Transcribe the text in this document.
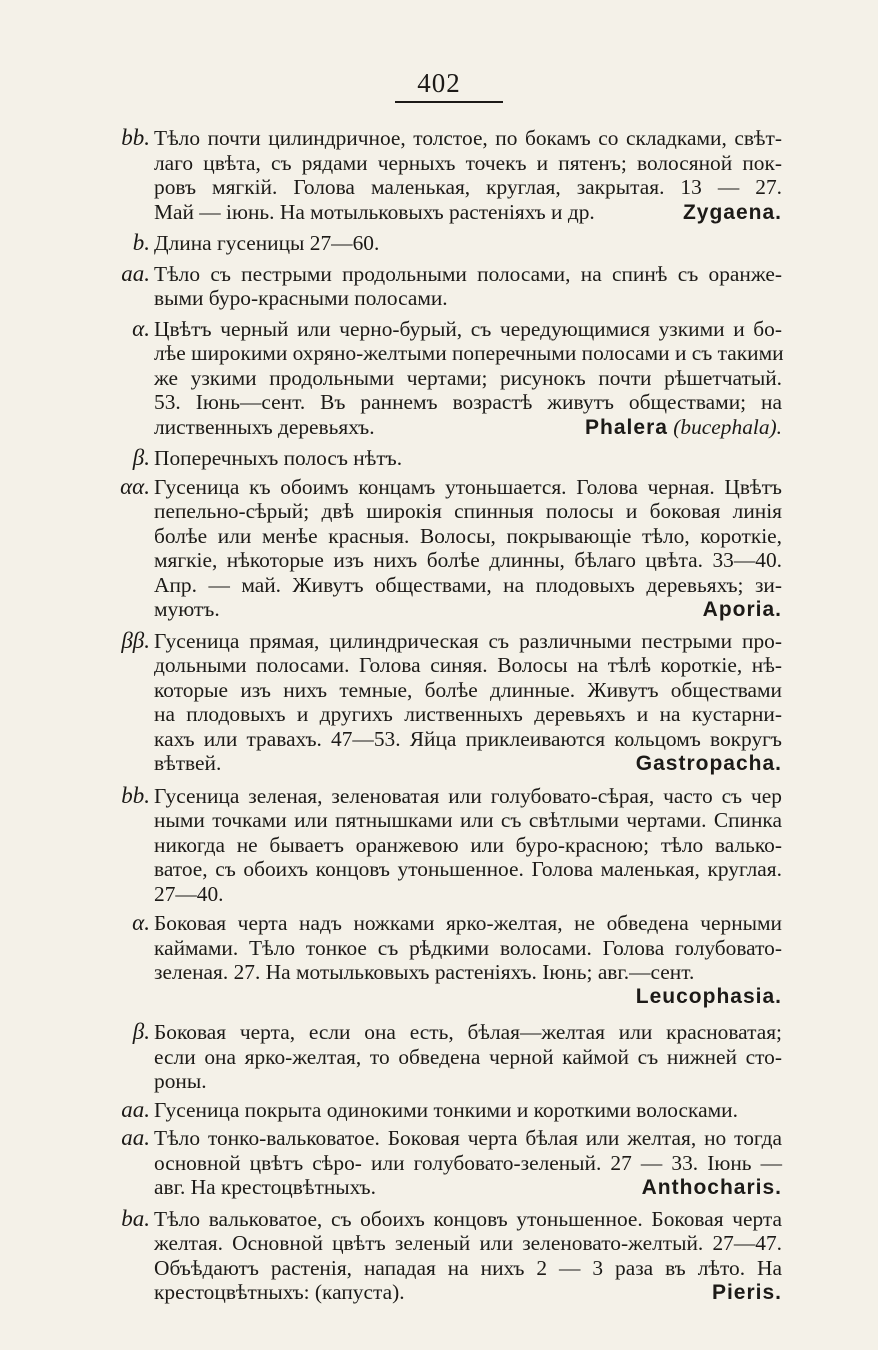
402
bb. Тѣло почти цилиндричное, толстое, по бокамъ со складками, свѣт-
лаго цвѣта, съ рядами черныхъ точекъ и пятенъ; волосяной пок-
ровъ мягкій. Голова маленькая, круглая, закрытая. 13 — 27.
Май — іюнь. На мотыльковыхъ растеніяхъ и др.	Zygaena.
b. Длина гусеницы 27—60.
aa. Тѣло съ пестрыми продольными полосами, на спинѣ съ оранже-
выми буро-красными полосами.
α. Цвѣтъ черный или черно-бурый, съ чередующимися узкими и бо-
лѣе широкими охряно-желтыми поперечными полосами и съ такими
же узкими продольными чертами; рисунокъ почти рѣшетчатый.
53. Іюнь—сент. Въ раннемъ возрастѣ живутъ обществами; на
лиственныхъ деревьяхъ.	Phalera (bucephala).
β. Поперечныхъ полосъ нѣтъ.
αα. Гусеница къ обоимъ концамъ утоньшается. Голова черная. Цвѣтъ
пепельно-сѣрый; двѣ широкія спинныя полосы и боковая линія
болѣе или менѣе красныя. Волосы, покрывающіе тѣло, короткіе,
мягкіе, нѣкоторые изъ нихъ болѣе длинны, бѣлаго цвѣта. 33—40.
Апр. — май. Живутъ обществами, на плодовыхъ деревьяхъ; зи-
муютъ.	Aporia.
ββ. Гусеница прямая, цилиндрическая съ различными пестрыми про-
дольными полосами. Голова синяя. Волосы на тѣлѣ короткіе, нѣ-
которые изъ нихъ темные, болѣе длинные. Живутъ обществами
на плодовыхъ и другихъ лиственныхъ деревьяхъ и на кустарни-
кахъ или травахъ. 47—53. Яйца приклеиваются кольцомъ вокругъ
вѣтвей.	Gastropacha.
bb. Гусеница зеленая, зеленоватая или голубовато-сѣрая, часто съ чер
ными точками или пятнышками или съ свѣтлыми чертами. Спинка
никогда не бываетъ оранжевою или буро-красною; тѣло валько-
ватое, съ обоихъ концовъ утоньшенное. Голова маленькая, круглая.
27—40.
α. Боковая черта надъ ножками ярко-желтая, не обведена черными
каймами. Тѣло тонкое съ рѣдкими волосами. Голова голубовато-
зеленая. 27. На мотыльковыхъ растеніяхъ. Іюнь; авг.—сент.
Leucophasia.
β. Боковая черта, если она есть, бѣлая—желтая или красноватая;
если она ярко-желтая, то обведена черной каймой съ нижней сто-
роны.
aa. Гусеница покрыта одинокими тонкими и короткими волосками.
aa. Тѣло тонко-вальковатое. Боковая черта бѣлая или желтая, но тогда
основной цвѣтъ сѣро- или голубовато-зеленый. 27 — 33. Іюнь —
авг. На крестоцвѣтныхъ.	Anthocharis.
ba. Тѣло вальковатое, съ обоихъ концовъ утоньшенное. Боковая черта
желтая. Основной цвѣтъ зеленый или зеленовато-желтый. 27—47.
Объѣдаютъ растенія, нападая на нихъ 2 — 3 раза въ лѣто. На
крестоцвѣтныхъ: (капуста).	Pieris.
